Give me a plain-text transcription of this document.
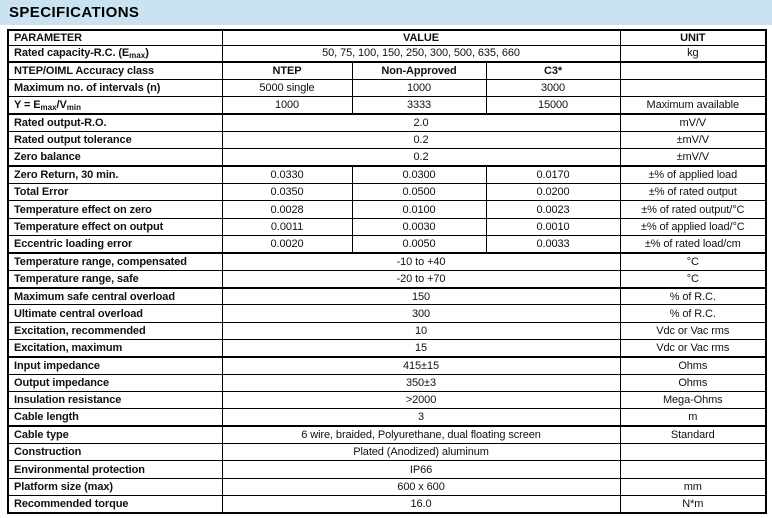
SPECIFICATIONS
PARAMETER	VALUE			UNIT
Rated capacity-R.C. $(E_{max})$	50, 75, 100, 150, 250, 300, 500, 635, 660			kg
NTEP/OIML Accuracy class	NTEP	Non-Approved	C3*	
Maximum no. of intervals (n)	5000 single	1000	3000	
$Y = E_{max}/V_{min}$	1000	3333	15000	Maximum available
Rated output-R.O.	2.0			mV/V
Rated output tolerance	0.2			±mV/V
Zero balance	0.2			±mV/V
Zero Return, 30 min.	0.0330	0.0300	0.0170	±% of applied load
Total Error	0.0350	0.0500	0.0200	±% of rated output
Temperature effect on zero	0.0028	0.0100	0.0023	±% of rated output/°C
Temperature effect on output	0.0011	0.0030	0.0010	±% of applied load/°C
Eccentric loading error	0.0020	0.0050	0.0033	±% of rated load/cm
Temperature range, compensated	-10 to +40			°C
Temperature range, safe	-20 to +70			°C
Maximum safe central overload	150			% of R.C.
Ultimate central overload	300			% of R.C.
Excitation, recommended	10			Vdc or Vac rms
Excitation, maximum	15			Vdc or Vac rms
Input impedance	415±15			Ohms
Output impedance	350±3			Ohms
Insulation resistance	>2000			Mega-Ohms
Cable length	3			m
Cable type	6 wire, braided, Polyurethane, dual floating screen			Standard
Construction	Plated (Anodized) aluminum			
Environmental protection	IP66			
Platform size (max)	600 x 600			mm
Recommended torque	16.0			N*m
